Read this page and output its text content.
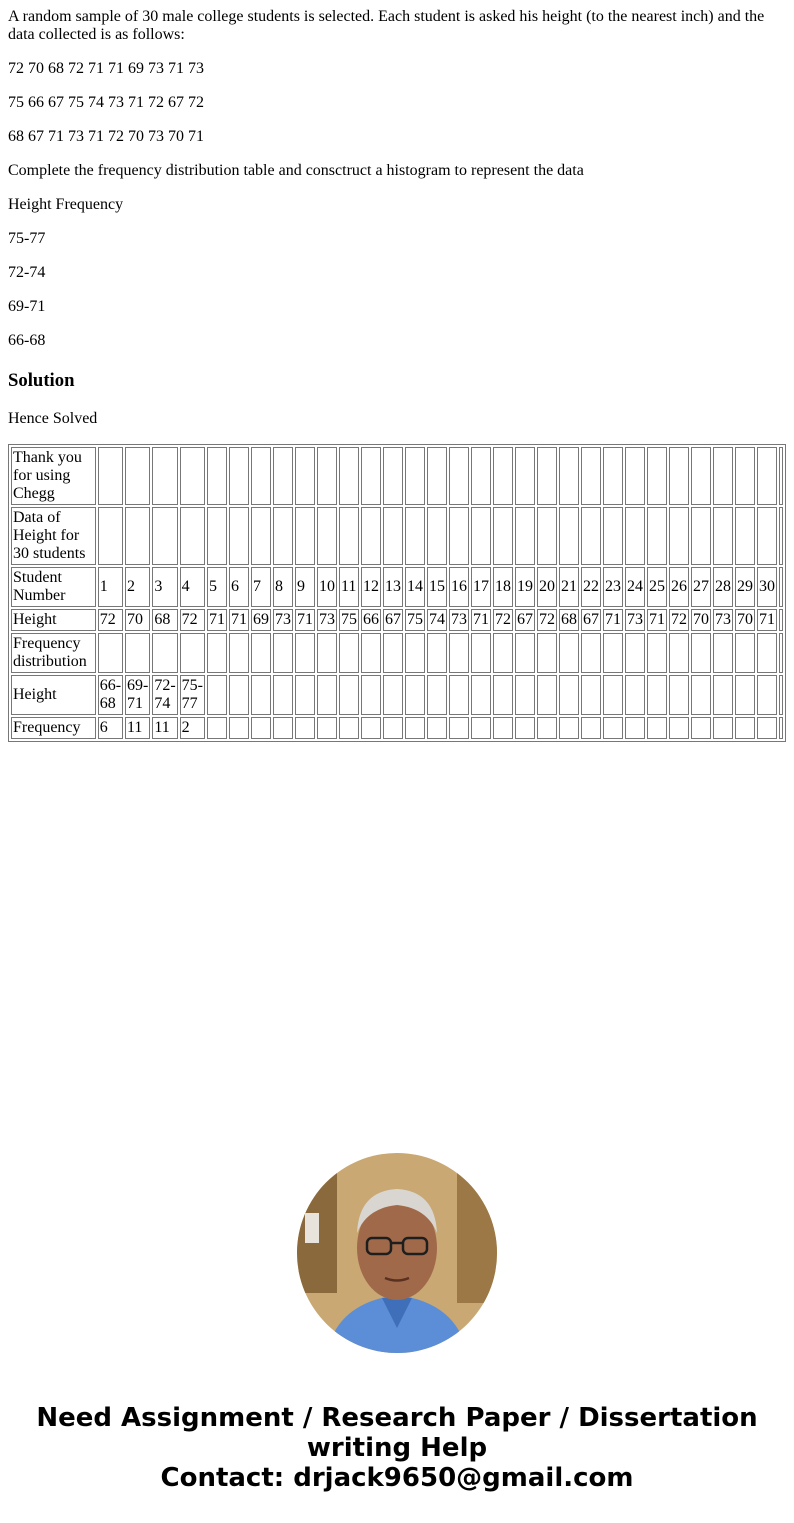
A random sample of 30 male college students is selected. Each student is asked his height (to the nearest inch) and the data collected is as follows:

72 70 68 72 71 71 69 73 71 73

75 66 67 75 74 73 71 72 67 72

68 67 71 73 71 72 70 73 70 71

Complete the frequency distribution table and consctruct a histogram to represent the data

Height Frequency

75-77

72-74

69-71

66-68

Solution

Hence Solved

Thank you for using Chegg																															
Data of Height for 30 students																															
Student Number	1	2	3	4	5	6	7	8	9	10	11	12	13	14	15	16	17	18	19	20	21	22	23	24	25	26	27	28	29	30	
Height	72	70	68	72	71	71	69	73	71	73	75	66	67	75	74	73	71	72	67	72	68	67	71	73	71	72	70	73	70	71	
Frequency distribution																															
Height	66-68	69-71	72-74	75-77																											
Frequency	6	11	11	2																											
Need Assignment / Research Paper / Dissertation
writing Help
Contact: drjack9650@gmail.com
